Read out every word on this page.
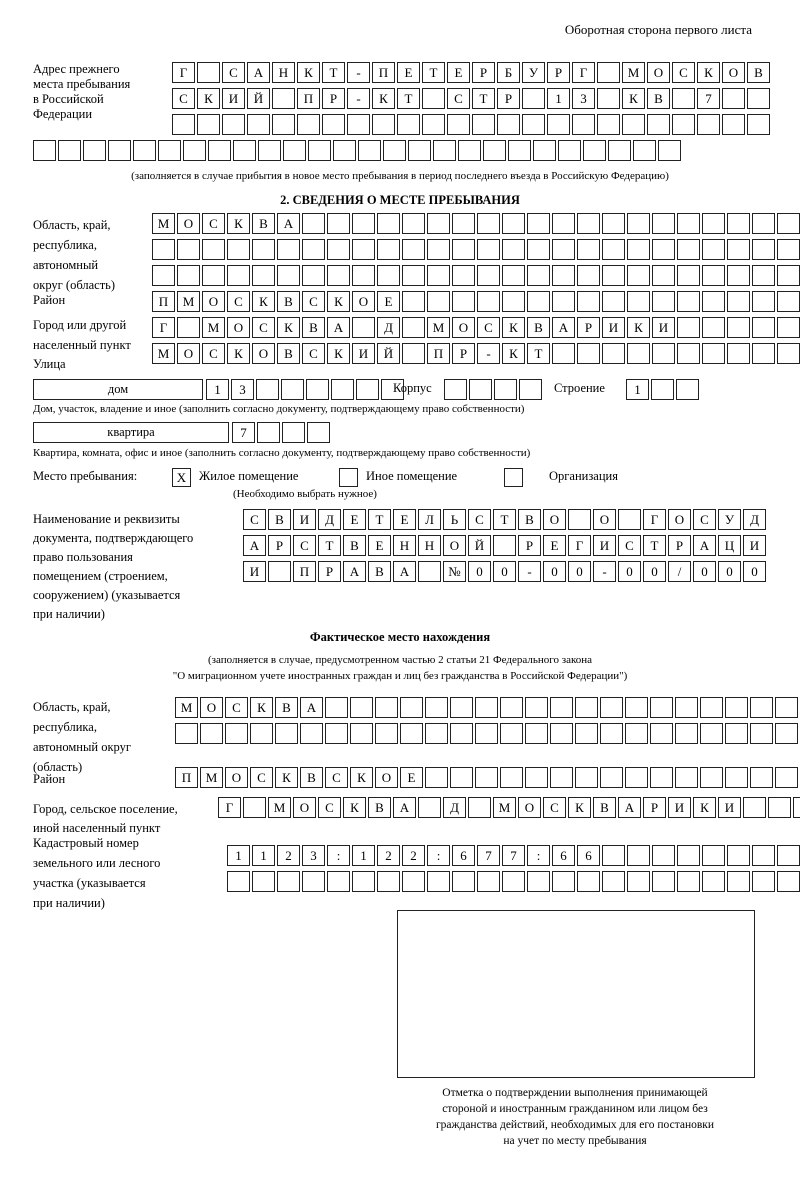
Оборотная сторона первого листа
Адрес прежнего
места пребывания
в Российской
Федерации
Г	С	А	Н	К	Т	-	П	Е	Т	Е	Р	Б	У	Р	Г	М	О	С	К	О	В
С	К	И	Й	П	Р	-	К	Т	С	Т	Р	1	3	К	В	7
(заполняется в случае прибытия в новое место пребывания в период последнего въезда в Российскую Федерацию)
2. СВЕДЕНИЯ О МЕСТЕ ПРЕБЫВАНИЯ
Область, край,
республика,
автономный
округ (область)
М	О	С	К	В	А
Район	П	М	О	С	К	В	С	К	О	Е
Город или другой
населенный пункт
Г	М	О	С	К	В	А	Д	М	О	С	К	В	А	Р	И	К	И
Улица
М	О	С	К	О	В	С	К	И	Й	П	Р	-	К	Т
дом	1	3	Корпус	Строение	1
Дом, участок, владение и иное (заполнить согласно документу, подтверждающему право собственности)
квартира	7
Квартира, комната, офис и иное (заполнить согласно документу, подтверждающему право собственности)
Место пребывания:	Х	Жилое помещение	Иное помещение	Организация
(Необходимо выбрать нужное)
Наименование и реквизиты
документа, подтверждающего
право пользования
помещением (строением,
сооружением) (указывается
при наличии)
С	В	И	Д	Е	Т	Е	Л	Ь	С	Т	В	О	О	Г	О	С	У	Д
А	Р	С	Т	В	Е	Н	Н	О	Й	Р	Е	Г	И	С	Т	Р	А	Ц	И
И	П	Р	А	В	А	№	0	0	-	0	0	-	0	0	/	0	0	0
Фактическое место нахождения
(заполняется в случае, предусмотренном частью 2 статьи 21 Федерального закона
"О миграционном учете иностранных граждан и лиц без гражданства в Российской Федерации")
Область, край,
республика,
автономный округ
(область)
М	О	С	К	В	А
Район	П	М	О	С	К	В	С	К	О	Е
Город, сельское поселение,
иной населенный пункт
Г	М	О	С	К	В	А	Д	М	О	С	К	В	А	Р	И	К	И
Кадастровый номер
земельного или лесного
участка (указывается
при наличии)
1	1	2	3	:	1	2	2	:	6	7	7	:	6	6
Отметка о подтверждении выполнения принимающей
стороной и иностранным гражданином или лицом без
гражданства действий, необходимых для его постановки
на учет по месту пребывания
